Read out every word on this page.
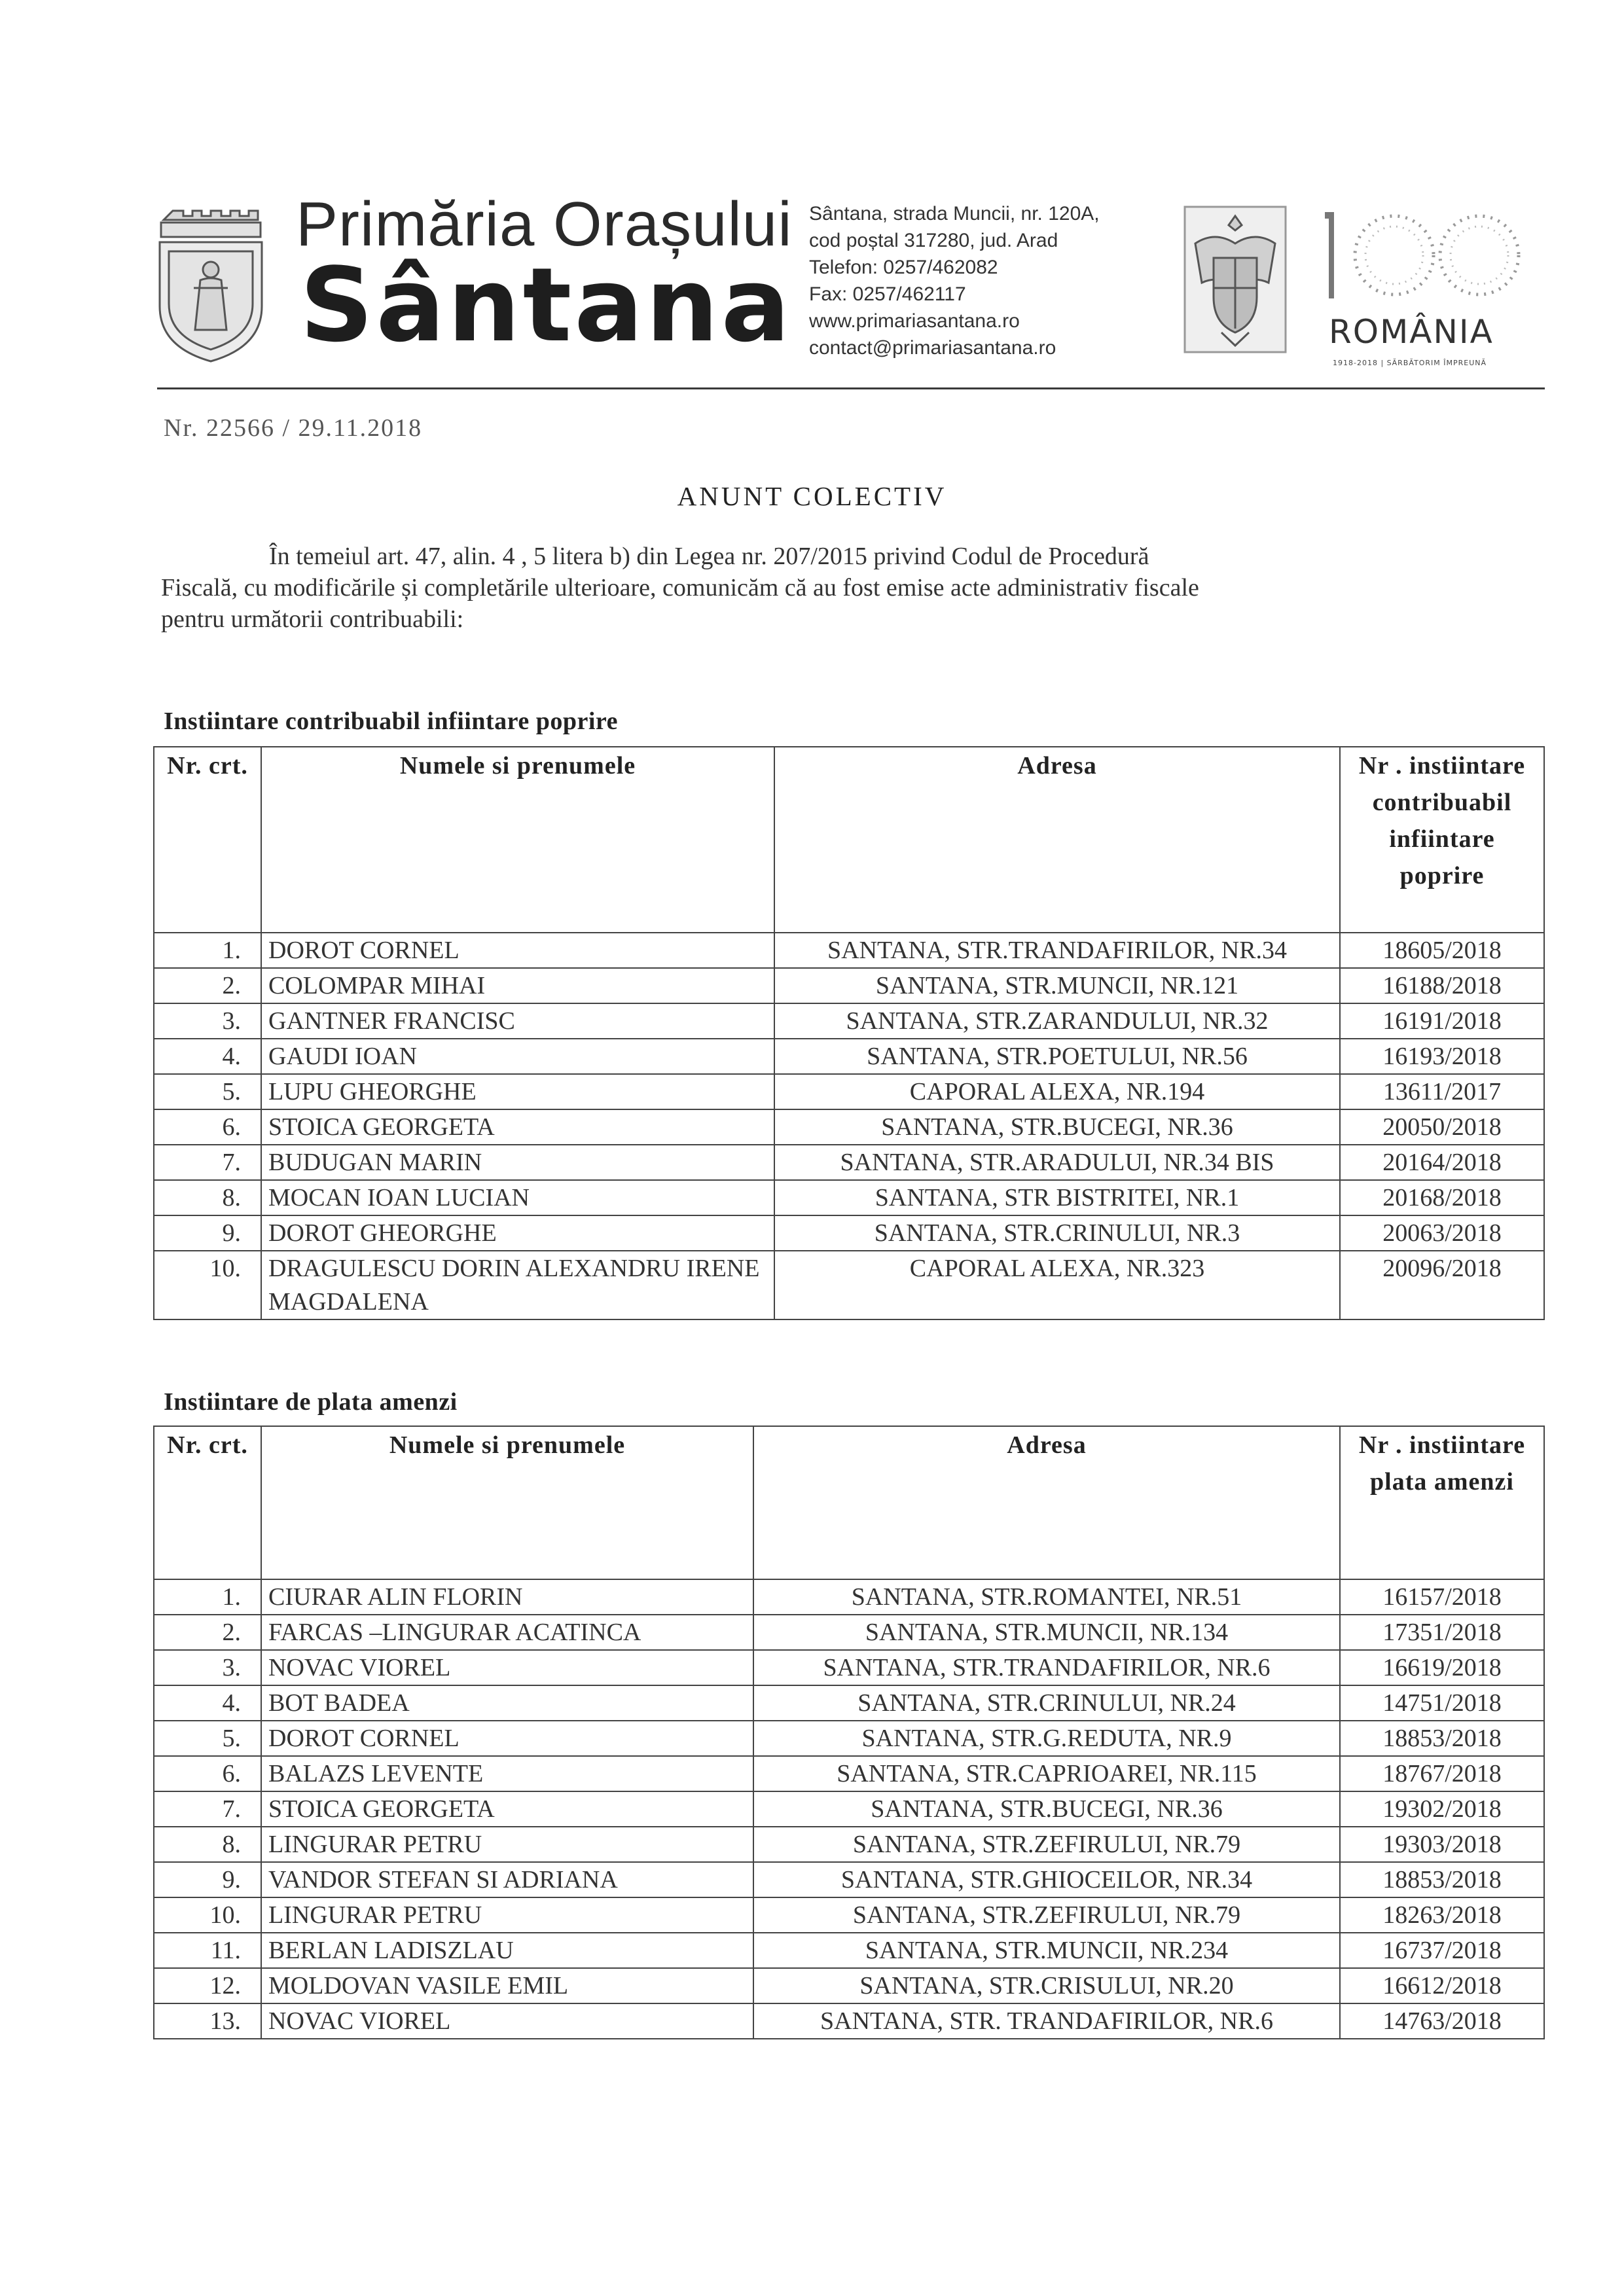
Primăria Orașului
Sântana
Sântana, strada Muncii, nr. 120A,
cod poștal 317280, jud. Arad
Telefon: 0257/462082
Fax: 0257/462117
www.primariasantana.ro
contact@primariasantana.ro	ROMÂNIA
1918-2018 | SĂRBĂTORIM ÎMPREUNĂ
Nr. 22566 / 29.11.2018
ANUNT COLECTIV
În temeiul art. 47, alin. 4 , 5 litera b) din Legea nr. 207/2015 privind Codul de Procedură
Fiscală, cu modificările și completările ulterioare, comunicăm că au fost emise acte administrativ fiscale
pentru următorii contribuabili:
Instiintare contribuabil infiintare poprire
Nr. crt.	Numele si prenumele	Adresa	Nr . instiintare contribuabil infiintare poprire
1.	DOROT CORNEL	SANTANA, STR.TRANDAFIRILOR, NR.34	18605/2018
2.	COLOMPAR MIHAI	SANTANA, STR.MUNCII, NR.121	16188/2018
3.	GANTNER FRANCISC	SANTANA, STR.ZARANDULUI, NR.32	16191/2018
4.	GAUDI IOAN	SANTANA, STR.POETULUI, NR.56	16193/2018
5.	LUPU GHEORGHE	CAPORAL ALEXA, NR.194	13611/2017
6.	STOICA GEORGETA	SANTANA, STR.BUCEGI, NR.36	20050/2018
7.	BUDUGAN MARIN	SANTANA, STR.ARADULUI, NR.34 BIS	20164/2018
8.	MOCAN IOAN LUCIAN	SANTANA, STR BISTRITEI, NR.1	20168/2018
9.	DOROT GHEORGHE	SANTANA, STR.CRINULUI, NR.3	20063/2018
10.	DRAGULESCU DORIN ALEXANDRU IRENE MAGDALENA	CAPORAL ALEXA, NR.323	20096/2018
Instiintare de plata amenzi
Nr. crt.	Numele si prenumele	Adresa	Nr . instiintare plata amenzi
1.	CIURAR ALIN FLORIN	SANTANA, STR.ROMANTEI, NR.51	16157/2018
2.	FARCAS –LINGURAR ACATINCA	SANTANA, STR.MUNCII, NR.134	17351/2018
3.	NOVAC VIOREL	SANTANA, STR.TRANDAFIRILOR, NR.6	16619/2018
4.	BOT BADEA	SANTANA, STR.CRINULUI, NR.24	14751/2018
5.	DOROT CORNEL	SANTANA, STR.G.REDUTA, NR.9	18853/2018
6.	BALAZS LEVENTE	SANTANA, STR.CAPRIOAREI, NR.115	18767/2018
7.	STOICA GEORGETA	SANTANA, STR.BUCEGI, NR.36	19302/2018
8.	LINGURAR PETRU	SANTANA, STR.ZEFIRULUI, NR.79	19303/2018
9.	VANDOR STEFAN SI ADRIANA	SANTANA, STR.GHIOCEILOR, NR.34	18853/2018
10.	LINGURAR PETRU	SANTANA, STR.ZEFIRULUI, NR.79	18263/2018
11.	BERLAN LADISZLAU	SANTANA, STR.MUNCII, NR.234	16737/2018
12.	MOLDOVAN VASILE EMIL	SANTANA, STR.CRISULUI, NR.20	16612/2018
13.	NOVAC VIOREL	SANTANA, STR. TRANDAFIRILOR, NR.6	14763/2018
